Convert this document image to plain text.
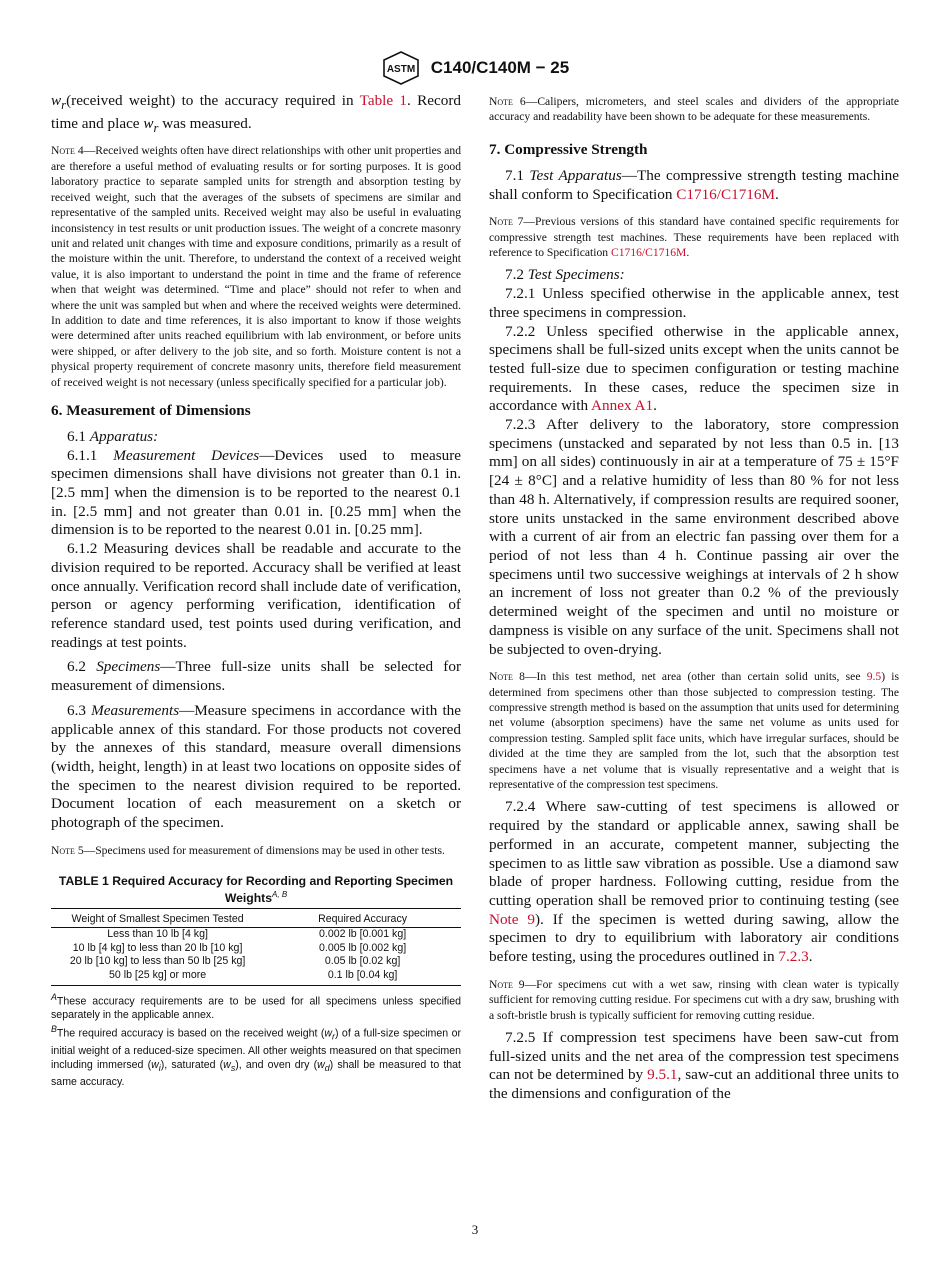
ASTM C140/C140M − 25

$w_r(received$ weight) to the accuracy required in Table 1. Record time and place $w_r$ was measured.

Note 4—Received weights often have direct relationships with other unit properties and are therefore a useful method of evaluating results or for sorting purposes. It is good laboratory practice to separate sampled units for strength and absorption testing by received weight, such that the averages of the subsets of specimens are similar and representative of the sampled units. Received weight may also be useful in evaluating inconsistency in test results or unit production issues. The weight of a concrete masonry unit and related unit changes with time and exposure conditions, primarily as a result of the moisture within the unit. Therefore, to understand the context of a received weight value, it is also important to understand the point in time and the frame of reference when that weight was determined. “Time and place” should not refer to when and where the unit was sampled but when and where the received weights were determined. In addition to date and time references, it is also important to know if those weights were determined after units reached equilibrium with lab environment, or before units were shipped, or after delivery to the job site, and so forth. Moisture content is not a physical property requirement of concrete masonry units, therefore field measurement of received weight is not necessary (unless specifically specified for a particular job).

6. Measurement of Dimensions

6.1 Apparatus:

6.1.1 Measurement Devices—Devices used to measure specimen dimensions shall have divisions not greater than 0.1 in. [2.5 mm] when the dimension is to be reported to the nearest 0.1 in. [2.5 mm] and not greater than 0.01 in. [0.25 mm] when the dimension is to be reported to the nearest 0.01 in. [0.25 mm].

6.1.2 Measuring devices shall be readable and accurate to the division required to be reported. Accuracy shall be verified at least once annually. Verification record shall include date of verification, person or agency performing verification, identification of reference standard used, test points used during verification, and readings at test points.

6.2 Specimens—Three full-size units shall be selected for measurement of dimensions.

6.3 Measurements—Measure specimens in accordance with the applicable annex of this standard. For those products not covered by the annexes of this standard, measure overall dimensions (width, height, length) in at least two locations on opposite sides of the specimen to the nearest division required to be reported. Document location of each measurement on a sketch or photograph of the specimen.

Note 5—Specimens used for measurement of dimensions may be used in other tests.

TABLE 1 Required Accuracy for Recording and Reporting Specimen Weights$^{A, B}$

Weight of Smallest Specimen Tested	Required Accuracy
Less than 10 lb [4 kg]	0.002 lb [0.001 kg]
10 lb [4 kg] to less than 20 lb [10 kg]	0.005 lb [0.002 kg]
20 lb [10 kg] to less than 50 lb [25 kg]	0.05 lb [0.02 kg]
50 lb [25 kg] or more	0.1 lb [0.04 kg]

$^A$These accuracy requirements are to be used for all specimens unless specified separately in the applicable annex.

$^B$The required accuracy is based on the received weight $(w_r)$ of a full-size specimen or initial weight of a reduced-size specimen. All other weights measured on that specimen including immersed $(w_i)$, saturated $(w_s)$, and oven dry $(w_d)$ shall be measured to that same accuracy.

Note 6—Calipers, micrometers, and steel scales and dividers of the appropriate accuracy and readability have been shown to be adequate for these measurements.

7. Compressive Strength

7.1 Test Apparatus—The compressive strength testing machine shall conform to Specification C1716/C1716M.

Note 7—Previous versions of this standard have contained specific requirements for compressive strength test machines. These requirements have been replaced with reference to Specification C1716/C1716M.

7.2 Test Specimens:

7.2.1 Unless specified otherwise in the applicable annex, test three specimens in compression.

7.2.2 Unless specified otherwise in the applicable annex, specimens shall be full-sized units except when the units cannot be tested full-size due to specimen configuration or testing machine requirements. In these cases, reduce the specimen size in accordance with Annex A1.

7.2.3 After delivery to the laboratory, store compression specimens (unstacked and separated by not less than 0.5 in. [13 mm] on all sides) continuously in air at a temperature of 75 ± 15°F [24 ± 8°C] and a relative humidity of less than 80 % for not less than 48 h. Alternatively, if compression results are required sooner, store units unstacked in the same environment described above with a current of air from an electric fan passing over them for a period of not less than 4 h. Continue passing air over the specimens until two successive weighings at intervals of 2 h show an increment of loss not greater than 0.2 % of the previously determined weight of the specimen and until no moisture or dampness is visible on any surface of the unit. Specimens shall not be subjected to oven-drying.

Note 8—In this test method, net area (other than certain solid units, see 9.5) is determined from specimens other than those subjected to compression testing. The compressive strength method is based on the assumption that units used for determining net volume (absorption specimens) have the same net volume as units used for compression testing. Sampled split face units, which have irregular surfaces, should be divided at the time they are sampled from the lot, such that the absorption test specimens have a net volume that is visually representative and a weight that is representative of the compression test specimens.

7.2.4 Where saw-cutting of test specimens is allowed or required by the standard or applicable annex, sawing shall be performed in an accurate, competent manner, subjecting the specimen to as little saw vibration as possible. Use a diamond saw blade of proper hardness. Following cutting, residue from the cutting operation shall be removed prior to continuing testing (see Note 9). If the specimen is wetted during sawing, allow the specimen to dry to equilibrium with laboratory air conditions before testing, using the procedures outlined in 7.2.3.

Note 9—For specimens cut with a wet saw, rinsing with clean water is typically sufficient for removing cutting residue. For specimens cut with a dry saw, brushing with a soft-bristle brush is typically sufficient for removing cutting residue.

7.2.5 If compression test specimens have been saw-cut from full-sized units and the net area of the compression test specimens can not be determined by 9.5.1, saw-cut an additional three units to the dimensions and configuration of the

3
